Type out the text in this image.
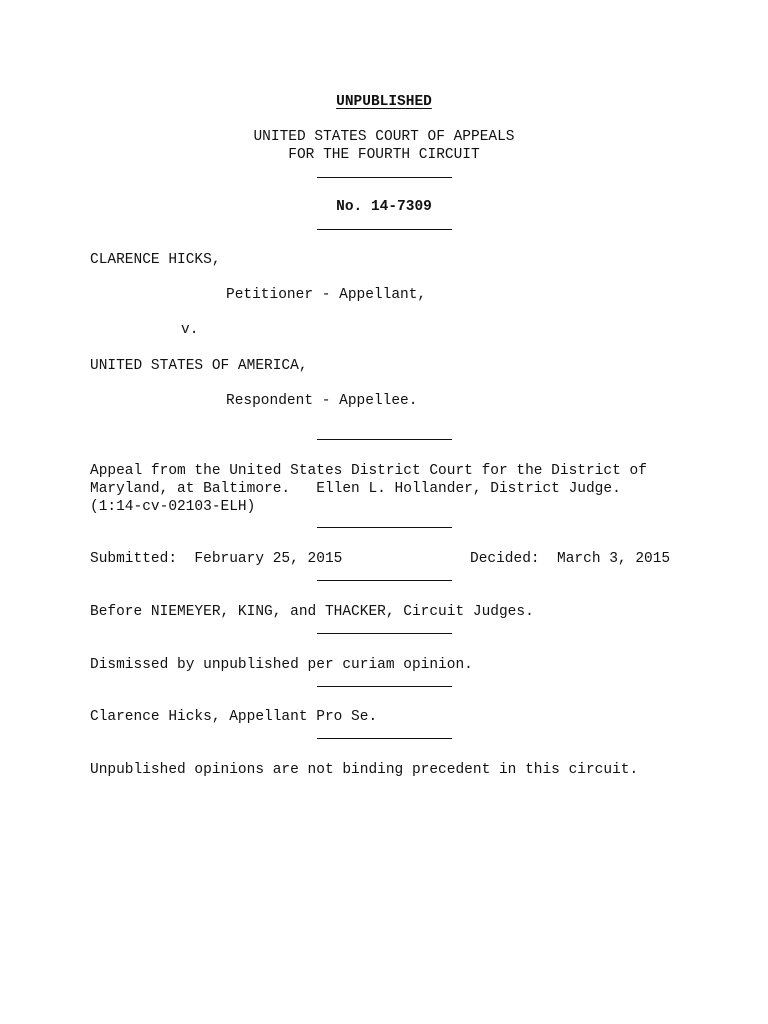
UNPUBLISHED
UNITED STATES COURT OF APPEALS
FOR THE FOURTH CIRCUIT
No. 14-7309
CLARENCE HICKS,
Petitioner - Appellant,
v.
UNITED STATES OF AMERICA,
Respondent - Appellee.
Appeal from the United States District Court for the District of
Maryland, at Baltimore.   Ellen L. Hollander, District Judge.
(1:14-cv-02103-ELH)
Submitted:  February 25, 2015	Decided:  March 3, 2015
Before NIEMEYER, KING, and THACKER, Circuit Judges.
Dismissed by unpublished per curiam opinion.
Clarence Hicks, Appellant Pro Se.
Unpublished opinions are not binding precedent in this circuit.
